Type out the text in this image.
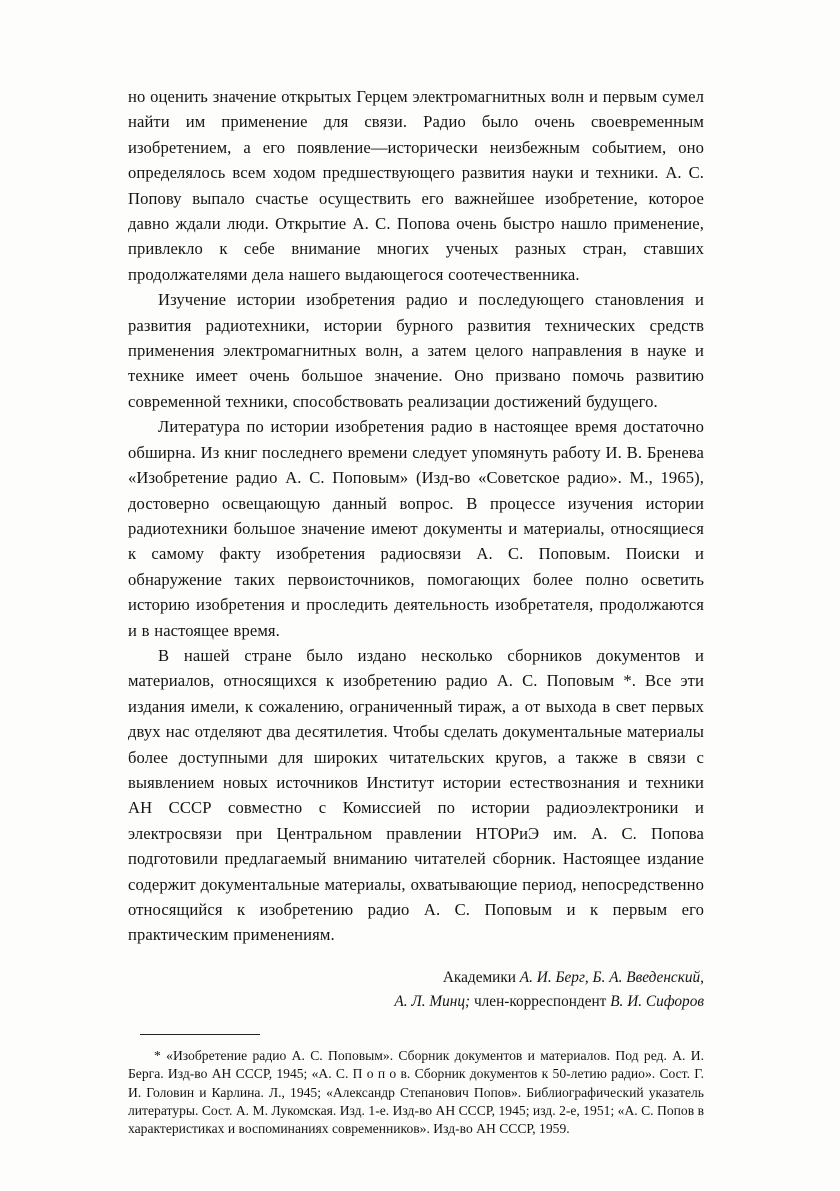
но оценить значение открытых Герцем электромагнитных волн и первым сумел найти им применение для связи. Радио было очень своевременным изобретением, а его появление—исторически неизбежным событием, оно определялось всем ходом предшествующего развития науки и техники. А. С. Попову выпало счастье осуществить его важнейшее изобретение, которое давно ждали люди. Открытие А. С. Попова очень быстро нашло применение, привлекло к себе внимание многих ученых разных стран, ставших продолжателями дела нашего выдающегося соотечественника.

Изучение истории изобретения радио и последующего становления и развития радиотехники, истории бурного развития технических средств применения электромагнитных волн, а затем целого направления в науке и технике имеет очень большое значение. Оно призвано помочь развитию современной техники, способствовать реализации достижений будущего.

Литература по истории изобретения радио в настоящее время достаточно обширна. Из книг последнего времени следует упомянуть работу И. В. Бренева «Изобретение радио А. С. Поповым» (Изд-во «Советское радио». М., 1965), достоверно освещающую данный вопрос. В процессе изучения истории радиотехники большое значение имеют документы и материалы, относящиеся к самому факту изобретения радиосвязи А. С. Поповым. Поиски и обнаружение таких первоисточников, помогающих более полно осветить историю изобретения и проследить деятельность изобретателя, продолжаются и в настоящее время.

В нашей стране было издано несколько сборников документов и материалов, относящихся к изобретению радио А. С. Поповым *. Все эти издания имели, к сожалению, ограниченный тираж, а от выхода в свет первых двух нас отделяют два десятилетия. Чтобы сделать документальные материалы более доступными для широких читательских кругов, а также в связи с выявлением новых источников Институт истории естествознания и техники АН СССР совместно с Комиссией по истории радиоэлектроники и электросвязи при Центральном правлении НТОРиЭ им. А. С. Попова подготовили предлагаемый вниманию читателей сборник. Настоящее издание содержит документальные материалы, охватывающие период, непосредственно относящийся к изобретению радио А. С. Поповым и к первым его практическим применениям.

Академики А. И. Берг, Б. А. Введенский,
А. Л. Минц; член-корреспондент В. И. Сифоров
* «Изобретение радио А. С. Поповым». Сборник документов и материалов. Под ред. А. И. Берга. Изд-во АН СССР, 1945; «А. С. П о п о в. Сборник документов к 50-летию радио». Сост. Г. И. Головин и Карлина. Л., 1945; «Александр Степанович Попов». Библиографический указатель литературы. Сост. А. М. Лукомская. Изд. 1-е. Изд-во АН СССР, 1945; изд. 2-е, 1951; «А. С. Попов в характеристиках и воспоминаниях современников». Изд-во АН СССР, 1959.
